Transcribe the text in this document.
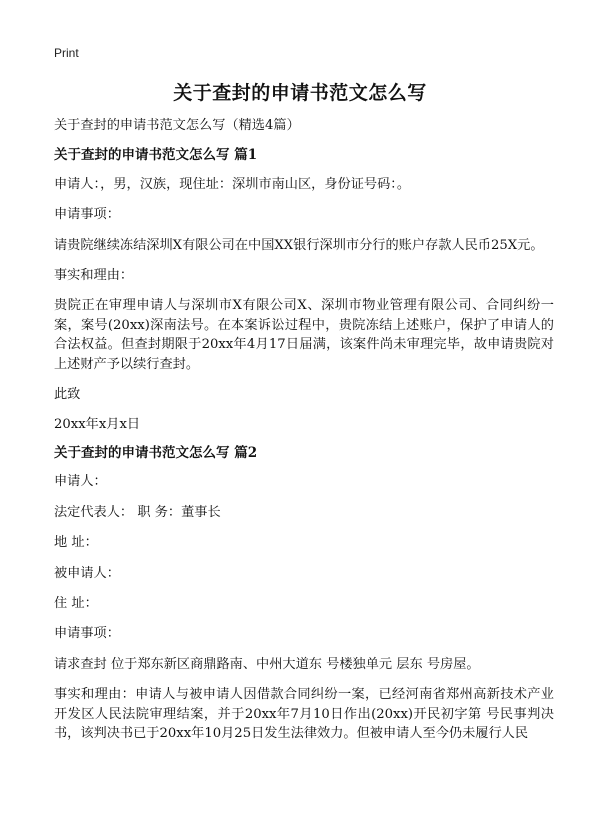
Print
关于查封的申请书范文怎么写

关于查封的申请书范文怎么写（精选4篇）

关于查封的申请书范文怎么写 篇1

申请人：，男，汉族，现住址：深圳市南山区，身份证号码：。

申请事项：

请贵院继续冻结深圳X有限公司在中国XX银行深圳市分行的账户存款人民币25X元。

事实和理由：

贵院正在审理申请人与深圳市X有限公司X、深圳市物业管理有限公司、合同纠纷一案，案号(20xx)深南法号。在本案诉讼过程中，贵院冻结上述账户，保护了申请人的合法权益。但查封期限于20xx年4月17日届满，该案件尚未审理完毕，故申请贵院对上述财产予以续行查封。

此致

20xx年x月x日

关于查封的申请书范文怎么写 篇2

申请人：

法定代表人： 职 务：董事长

地 址：

被申请人：

住 址：

申请事项：

请求查封 位于郑东新区商鼎路南、中州大道东 号楼独单元 层东 号房屋。

事实和理由：申请人与被申请人因借款合同纠纷一案，已经河南省郑州高新技术产业开发区人民法院审理结案，并于20xx年7月10日作出(20xx)开民初字第 号民事判决书，该判决书已于20xx年10月25日发生法律效力。但被申请人至今仍未履行人民
